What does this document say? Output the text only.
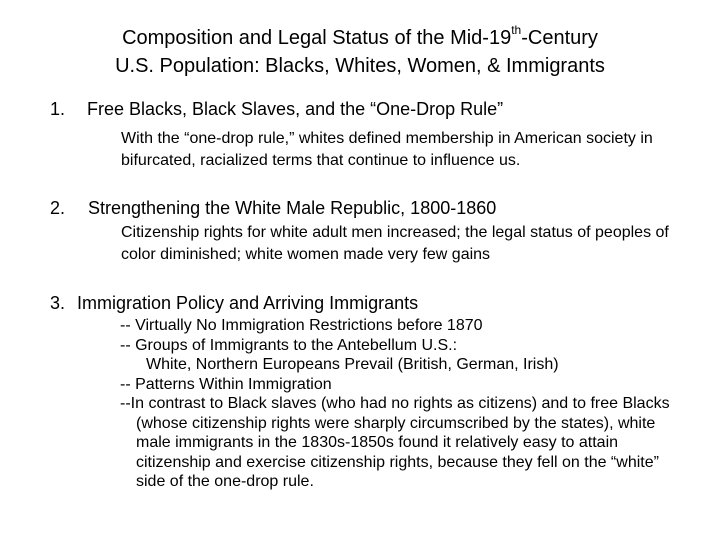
Composition and Legal Status of the Mid-19th-Century
U.S. Population: Blacks, Whites, Women, & Immigrants
1. Free Blacks, Black Slaves, and the “One-Drop Rule”
With the “one-drop rule,” whites defined membership in American society in bifurcated, racialized terms that continue to influence us.
2. Strengthening the White Male Republic, 1800-1860
Citizenship rights for white adult men increased; the legal status of peoples of color diminished; white women made very few gains
3. Immigration Policy and Arriving Immigrants
-- Virtually No Immigration Restrictions before 1870
-- Groups of Immigrants to the Antebellum U.S.:
White, Northern Europeans Prevail (British, German, Irish)
-- Patterns Within Immigration
--In contrast to Black slaves (who had no rights as citizens) and to free Blacks (whose citizenship rights were sharply circumscribed by the states), white male immigrants in the 1830s-1850s found it relatively easy to attain citizenship and exercise citizenship rights, because they fell on the “white” side of the one-drop rule.
